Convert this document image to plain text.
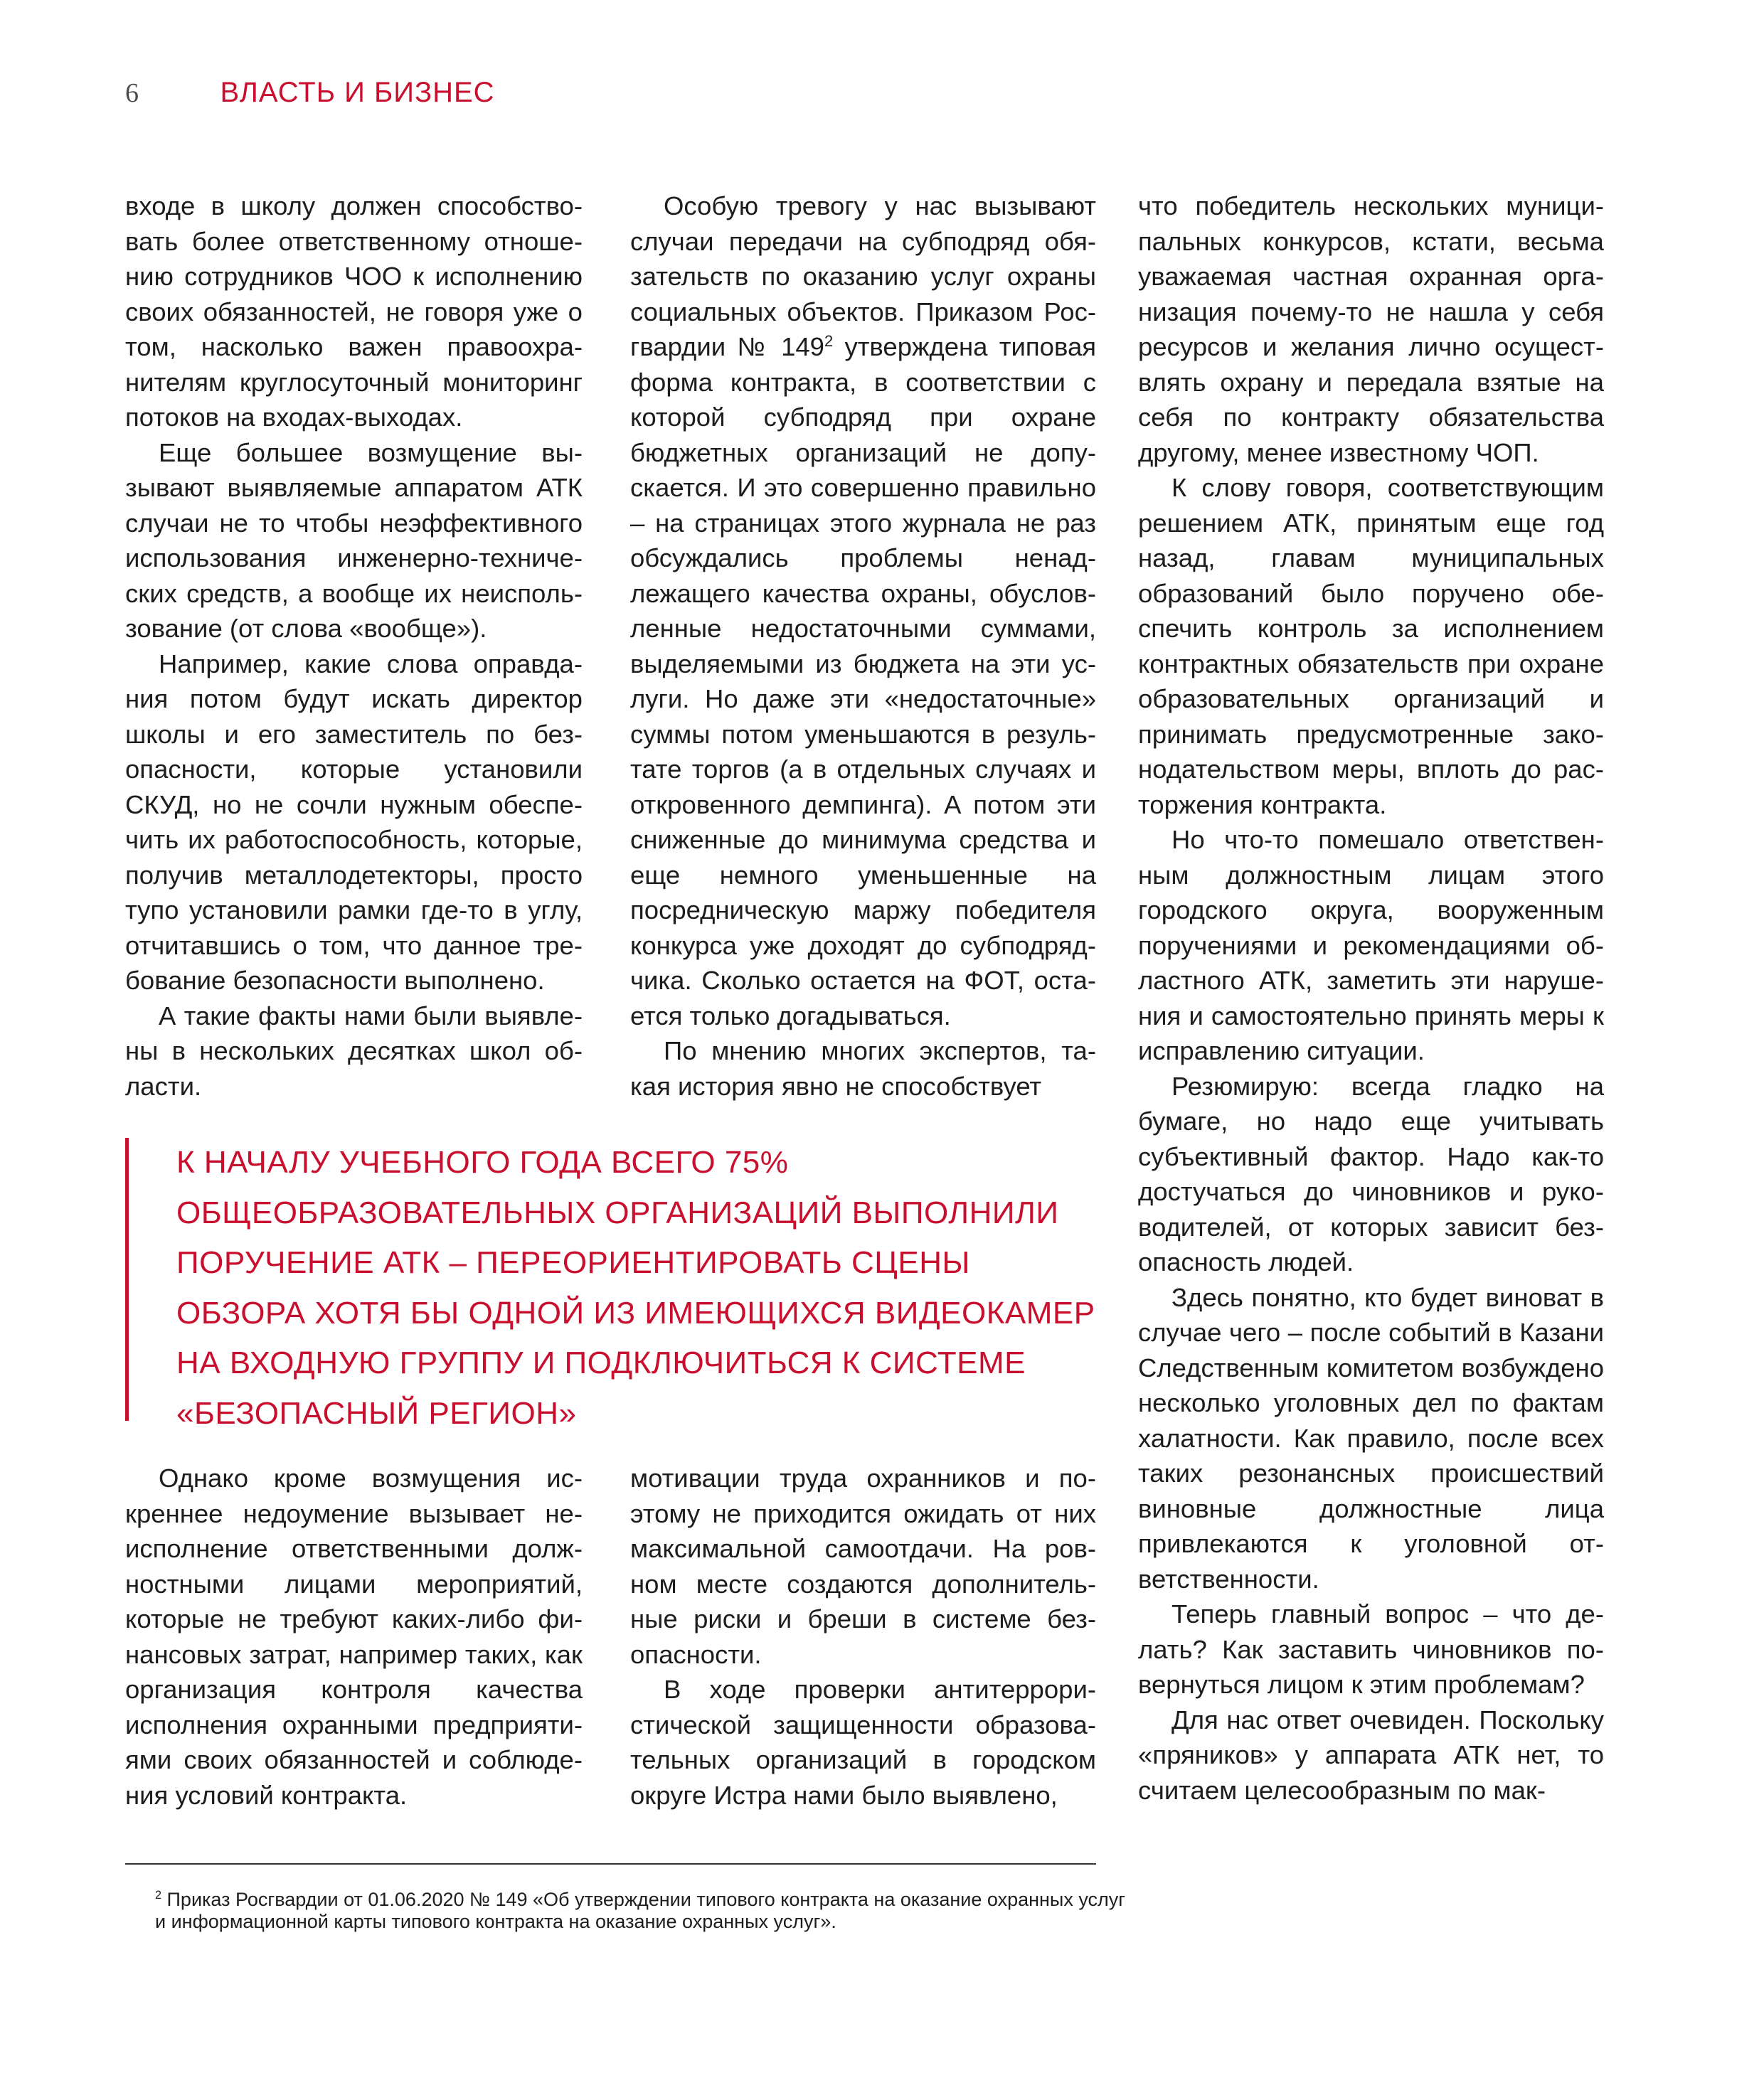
6	ВЛАСТЬ И БИЗНЕС

входе в школу должен способствовать более ответственному отношению сотрудников ЧОО к исполнению своих обязанностей, не говоря уже о том, насколько важен правоохранителям круглосуточный мониторинг потоков на входах-выходах.

Еще большее возмущение вызывают выявляемые аппаратом АТК случаи не то чтобы неэффективного использования инженерно-технических средств, а вообще их неиспользование (от слова «вообще»).

Например, какие слова оправдания потом будут искать директор школы и его заместитель по безопасности, которые установили СКУД, но не сочли нужным обеспечить их работоспособность, которые, получив металлодетекторы, просто тупо установили рамки где-то в углу, отчитавшись о том, что данное требование безопасности выполнено.

А такие факты нами были выявлены в нескольких десятках школ области.

Особую тревогу у нас вызывают случаи передачи на субподряд обязательств по оказанию услуг охраны социальных объектов. Приказом Росгвардии № $149^2$ утверждена типовая форма контракта, в соответствии с которой субподряд при охране бюджетных организаций не допускается. И это совершенно правильно – на страницах этого журнала не раз обсуждались проблемы ненадлежащего качества охраны, обусловленные недостаточными суммами, выделяемыми из бюджета на эти услуги. Но даже эти «недостаточные» суммы потом уменьшаются в результате торгов (а в отдельных случаях и откровенного демпинга). А потом эти сниженные до минимума средства и еще немного уменьшенные на посредническую маржу победителя конкурса уже доходят до субподрядчика. Сколько остается на ФОТ, остается только догадываться.

По мнению многих экспертов, такая история явно не способствует

что победитель нескольких муниципальных конкурсов, кстати, весьма уважаемая частная охранная организация почему-то не нашла у себя ресурсов и желания лично осуществлять охрану и передала взятые на себя по контракту обязательства другому, менее известному ЧОП.

К слову говоря, соответствующим решением АТК, принятым еще год назад, главам муниципальных образований было поручено обеспечить контроль за исполнением контрактных обязательств при охране образовательных организаций и принимать предусмотренные законодательством меры, вплоть до расторжения контракта.

Но что-то помешало ответственным должностным лицам этого городского округа, вооруженным поручениями и рекомендациями областного АТК, заметить эти нарушения и самостоятельно принять меры к исправлению ситуации.

Резюмирую: всегда гладко на бумаге, но надо еще учитывать субъективный фактор. Надо как-то достучаться до чиновников и руководителей, от которых зависит безопасность людей.

Здесь понятно, кто будет виноват в случае чего – после событий в Казани Следственным комитетом возбуждено несколько уголовных дел по фактам халатности. Как правило, после всех таких резонансных происшествий виновные должностные лица привлекаются к уголовной ответственности.

Теперь главный вопрос – что делать? Как заставить чиновников повернуться лицом к этим проблемам?

Для нас ответ очевиден. Поскольку «пряников» у аппарата АТК нет, то считаем целесообразным по мак-

К НАЧАЛУ УЧЕБНОГО ГОДА ВСЕГО 75%
ОБЩЕОБРАЗОВАТЕЛЬНЫХ ОРГАНИЗАЦИЙ ВЫПОЛНИЛИ
ПОРУЧЕНИЕ АТК – ПЕРЕОРИЕНТИРОВАТЬ СЦЕНЫ
ОБЗОРА ХОТЯ БЫ ОДНОЙ ИЗ ИМЕЮЩИХСЯ ВИДЕОКАМЕР
НА ВХОДНУЮ ГРУППУ И ПОДКЛЮЧИТЬСЯ К СИСТЕМЕ
«БЕЗОПАСНЫЙ РЕГИОН»

Однако кроме возмущения искреннее недоумение вызывает неисполнение ответственными должностными лицами мероприятий, которые не требуют каких-либо финансовых затрат, например таких, как организация контроля качества исполнения охранными предприятиями своих обязанностей и соблюдения условий контракта.

мотивации труда охранников и поэтому не приходится ожидать от них максимальной самоотдачи. На ровном месте создаются дополнительные риски и бреши в системе безопасности.

В ходе проверки антитеррористической защищенности образовательных организаций в городском округе Истра нами было выявлено,

$^2$ Приказ Росгвардии от 01.06.2020 № 149 «Об утверждении типового контракта на оказание охранных услуг
и информационной карты типового контракта на оказание охранных услуг».
